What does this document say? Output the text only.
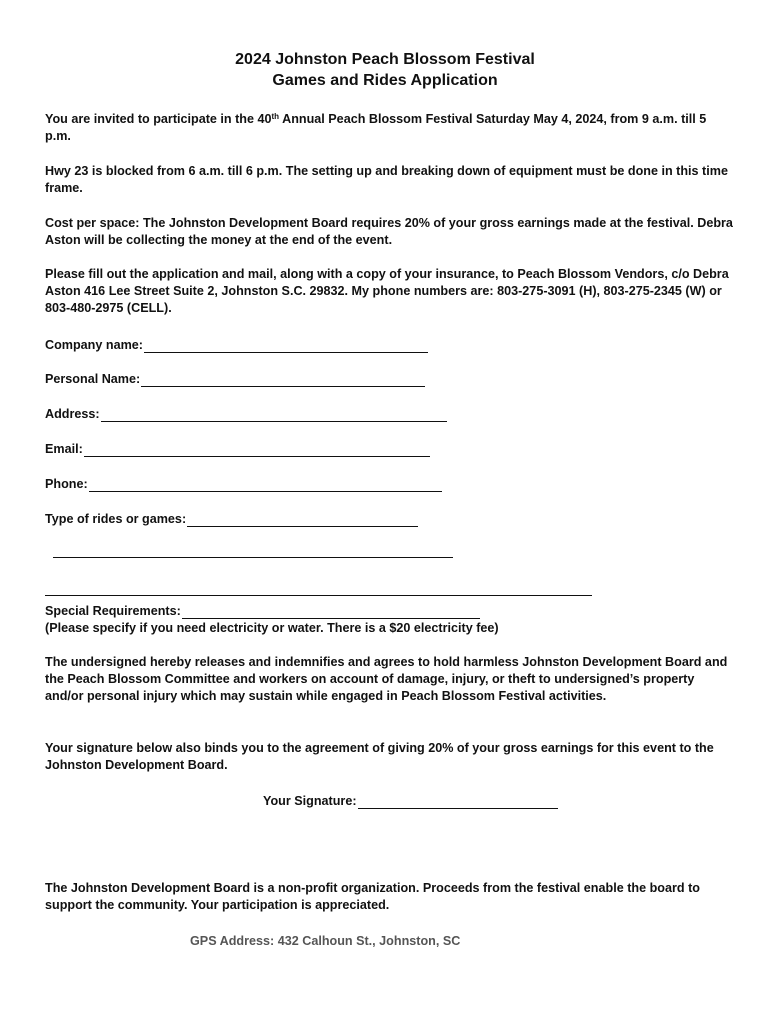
2024 Johnston Peach Blossom Festival
Games and Rides Application
You are invited to participate in the 40th Annual Peach Blossom Festival Saturday May 4, 2024, from 9 a.m. till 5 p.m.
Hwy 23 is blocked from 6 a.m. till 6 p.m. The setting up and breaking down of equipment must be done in this time frame.
Cost per space: The Johnston Development Board requires 20% of your gross earnings made at the festival. Debra Aston will be collecting the money at the end of the event.
Please fill out the application and mail, along with a copy of your insurance, to Peach Blossom Vendors, c/o Debra Aston 416 Lee Street Suite 2, Johnston S.C. 29832. My phone numbers are: 803-275-3091 (H), 803-275-2345 (W) or 803-480-2975 (CELL).
Company name:
Personal Name:
Address:
Email:
Phone:
Type of rides or games:
Special Requirements:
(Please specify if you need electricity or water. There is a $20 electricity fee)
The undersigned hereby releases and indemnifies and agrees to hold harmless Johnston Development Board and the Peach Blossom Committee and workers on account of damage, injury, or theft to undersigned’s property and/or personal injury which may sustain while engaged in Peach Blossom Festival activities.
Your signature below also binds you to the agreement of giving 20% of your gross earnings for this event to the Johnston Development Board.
Your Signature:
The Johnston Development Board is a non-profit organization. Proceeds from the festival enable the board to support the community. Your participation is appreciated.
GPS Address: 432 Calhoun St., Johnston, SC
